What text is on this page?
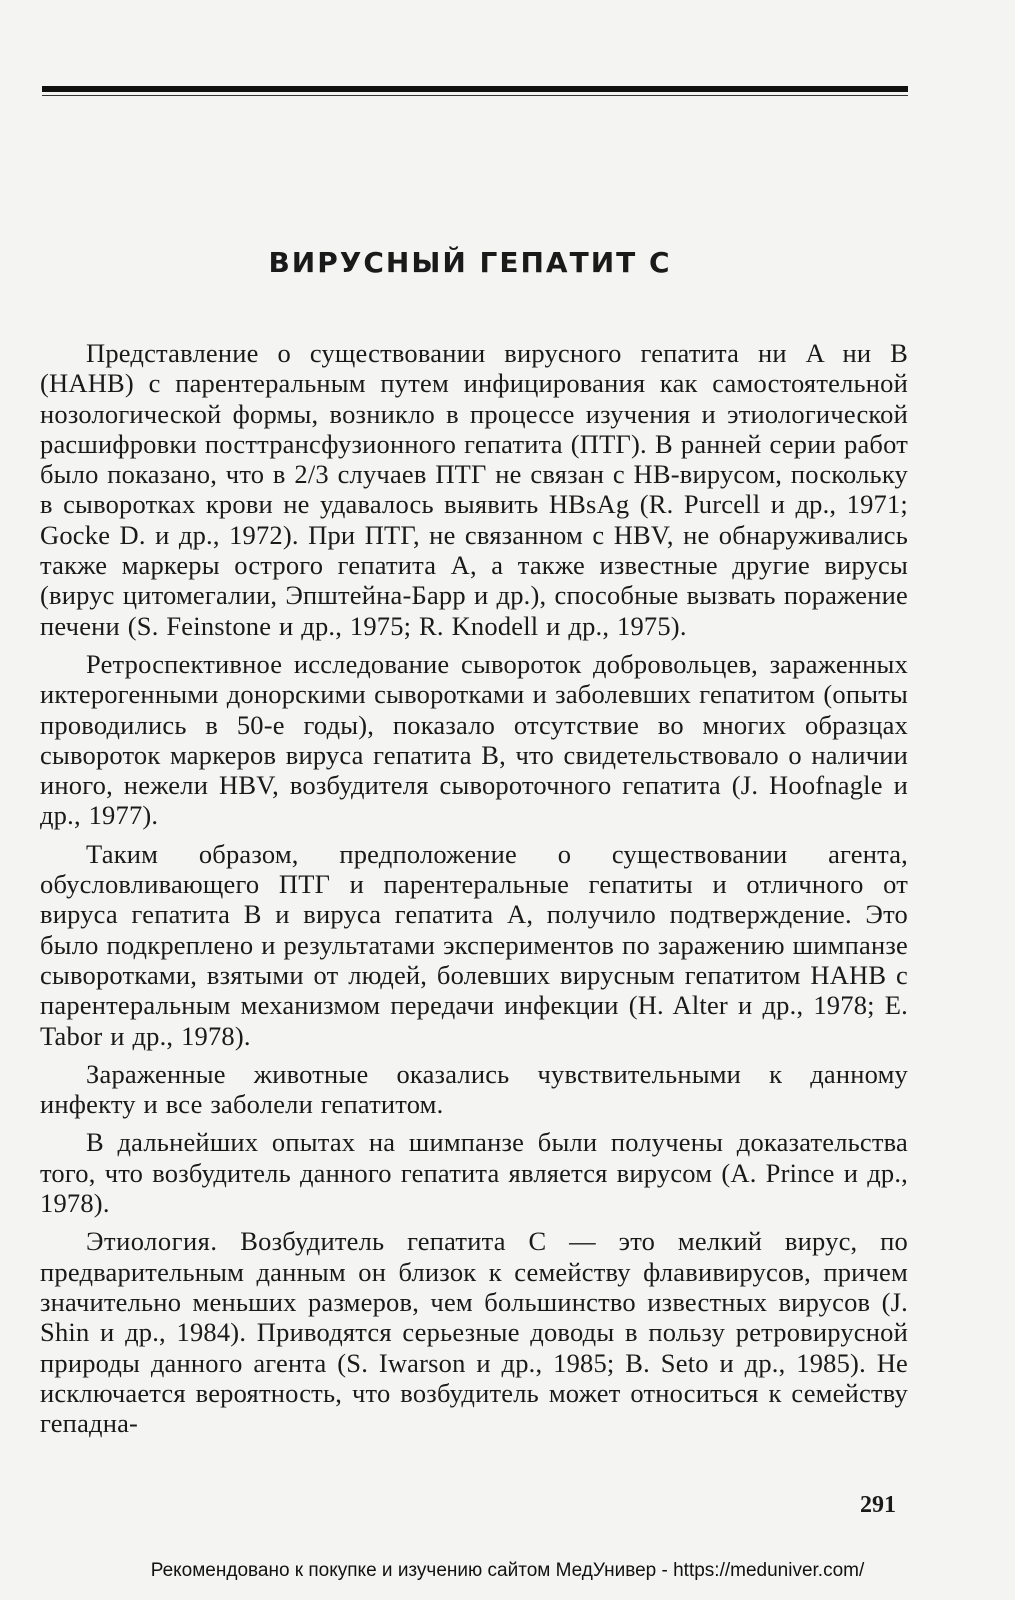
ВИРУСНЫЙ ГЕПАТИТ С

Представление о существовании вирусного гепатита ни A ни B (НАНВ) с парентеральным путем инфицирования как самостоятельной нозологической формы, возникло в процессе изучения и этиологической расшифровки посттрансфузионного гепатита (ПТГ). В ранней серии работ было показано, что в 2/3 случаев ПТГ не связан с НВ-вирусом, поскольку в сыворотках крови не удавалось выявить HBsAg (R. Purcell и др., 1971; Gocke D. и др., 1972). При ПТГ, не связанном с HBV, не обнаруживались также маркеры острого гепатита А, а также известные другие вирусы (вирус цитомегалии, Эпштейна-Барр и др.), способные вызвать поражение печени (S. Feinstone и др., 1975; R. Knodell и др., 1975).

Ретроспективное исследование сывороток добровольцев, зараженных иктерогенными донорскими сыворотками и заболевших гепатитом (опыты проводились в 50-е годы), показало отсутствие во многих образцах сывороток маркеров вируса гепатита В, что свидетельствовало о наличии иного, нежели HBV, возбудителя сывороточного гепатита (J. Hoofnagle и др., 1977).

Таким образом, предположение о существовании агента, обусловливающего ПТГ и парентеральные гепатиты и отличного от вируса гепатита В и вируса гепатита А, получило подтверждение. Это было подкреплено и результатами экспериментов по заражению шимпанзе сыворотками, взятыми от людей, болевших вирусным гепатитом НАНВ с парентеральным механизмом передачи инфекции (H. Alter и др., 1978; E. Tabor и др., 1978).

Зараженные животные оказались чувствительными к данному инфекту и все заболели гепатитом.

В дальнейших опытах на шимпанзе были получены доказательства того, что возбудитель данного гепатита является вирусом (A. Prince и др., 1978).

Этиология. Возбудитель гепатита С — это мелкий вирус, по предварительным данным он близок к семейству флавивирусов, причем значительно меньших размеров, чем большинство известных вирусов (J. Shin и др., 1984). Приводятся серьезные доводы в пользу ретровирусной природы данного агента (S. Iwarson и др., 1985; B. Seto и др., 1985). Не исключается вероятность, что возбудитель может относиться к семейству гепадна-

291

Рекомендовано к покупке и изучению сайтом МедУнивер - https://meduniver.com/
